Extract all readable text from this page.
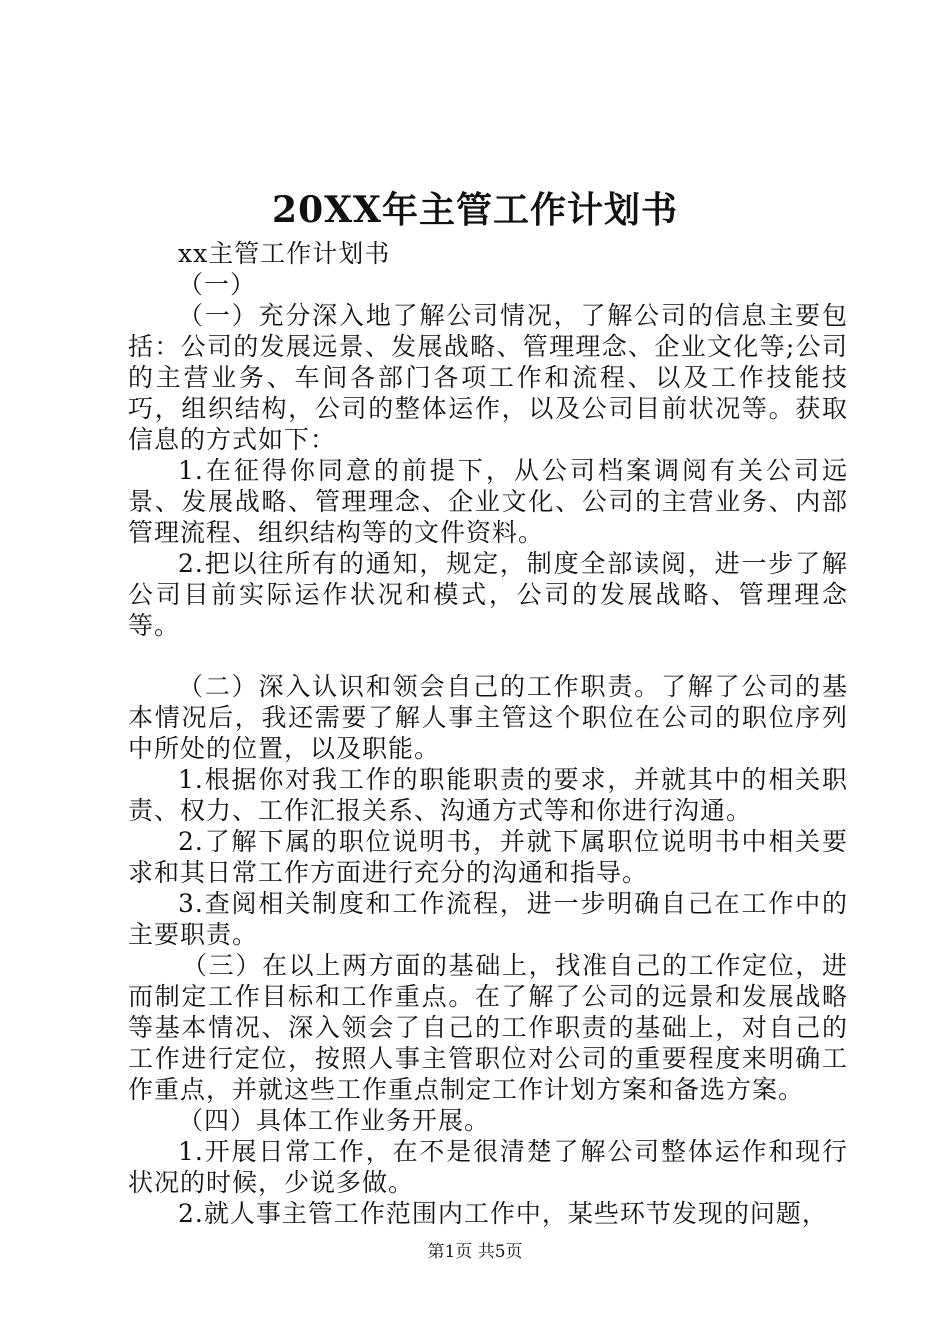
20XX年主管工作计划书

xx主管工作计划书

（一）

（一）充分深入地了解公司情况，了解公司的信息主要包括：公司的发展远景、发展战略、管理理念、企业文化等;公司的主营业务、车间各部门各项工作和流程、以及工作技能技巧，组织结构，公司的整体运作，以及公司目前状况等。获取信息的方式如下：

1.在征得你同意的前提下，从公司档案调阅有关公司远景、发展战略、管理理念、企业文化、公司的主营业务、内部管理流程、组织结构等的文件资料。

2.把以往所有的通知，规定，制度全部读阅，进一步了解公司目前实际运作状况和模式，公司的发展战略、管理理念等。

（二）深入认识和领会自己的工作职责。了解了公司的基本情况后，我还需要了解人事主管这个职位在公司的职位序列中所处的位置，以及职能。

1.根据你对我工作的职能职责的要求，并就其中的相关职责、权力、工作汇报关系、沟通方式等和你进行沟通。

2.了解下属的职位说明书，并就下属职位说明书中相关要求和其日常工作方面进行充分的沟通和指导。

3.查阅相关制度和工作流程，进一步明确自己在工作中的主要职责。

（三）在以上两方面的基础上，找准自己的工作定位，进而制定工作目标和工作重点。在了解了公司的远景和发展战略等基本情况、深入领会了自己的工作职责的基础上，对自己的工作进行定位，按照人事主管职位对公司的重要程度来明确工作重点，并就这些工作重点制定工作计划方案和备选方案。

（四）具体工作业务开展。

1.开展日常工作，在不是很清楚了解公司整体运作和现行状况的时候，少说多做。

2.就人事主管工作范围内工作中，某些环节发现的问题，

第1页 共5页
